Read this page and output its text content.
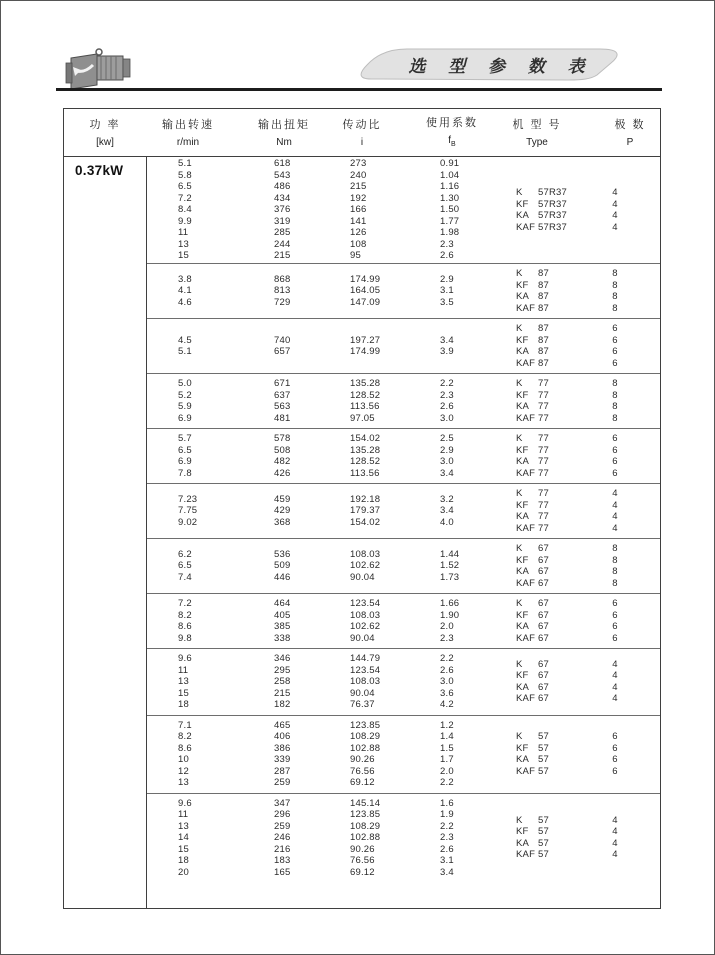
选 型 参 数 表
功 率
[kw]
输出转速
r/min
输出扭矩
Nm
传动比
i
使用系数
$f_B$
机 型 号
Type
极 数
P
0.37kW	5.1
5.8
6.5
7.2
8.4
9.9
11
13
15
618
543
486
434
376
319
285
244
215
273
240
215
192
166
141
126
108
95
0.91
1.04
1.16
1.30
1.50
1.77
1.98
2.3
2.6
K 57R37
KF 57R37
KA 57R37
KAF 57R37
4
4
4
4
3.8
4.1
4.6
868
813
729
174.99
164.05
147.09
2.9
3.1
3.5
K 87
KF 87
KA 87
KAF 87
8
8
8
8
4.5
5.1
740
657
197.27
174.99
3.4
3.9
K 87
KF 87
KA 87
KAF 87
6
6
6
6
5.0
5.2
5.9
6.9
671
637
563
481
135.28
128.52
113.56
97.05
2.2
2.3
2.6
3.0
K 77
KF 77
KA 77
KAF 77
8
8
8
8
5.7
6.5
6.9
7.8
578
508
482
426
154.02
135.28
128.52
113.56
2.5
2.9
3.0
3.4
K 77
KF 77
KA 77
KAF 77
6
6
6
6
7.23
7.75
9.02
459
429
368
192.18
179.37
154.02
3.2
3.4
4.0
K 77
KF 77
KA 77
KAF 77
4
4
4
4
6.2
6.5
7.4
536
509
446
108.03
102.62
90.04
1.44
1.52
1.73
K 67
KF 67
KA 67
KAF 67
8
8
8
8
7.2
8.2
8.6
9.8
464
405
385
338
123.54
108.03
102.62
90.04
1.66
1.90
2.0
2.3
K 67
KF 67
KA 67
KAF 67
6
6
6
6
9.6
11
13
15
18
346
295
258
215
182
144.79
123.54
108.03
90.04
76.37
2.2
2.6
3.0
3.6
4.2
K 67
KF 67
KA 67
KAF 67
4
4
4
4
7.1
8.2
8.6
10
12
13
465
406
386
339
287
259
123.85
108.29
102.88
90.26
76.56
69.12
1.2
1.4
1.5
1.7
2.0
2.2
K 57
KF 57
KA 57
KAF 57
6
6
6
6
9.6
11
13
14
15
18
20
347
296
259
246
216
183
165
145.14
123.85
108.29
102.88
90.26
76.56
69.12
1.6
1.9
2.2
2.3
2.6
3.1
3.4
K 57
KF 57
KA 57
KAF 57
4
4
4
4
